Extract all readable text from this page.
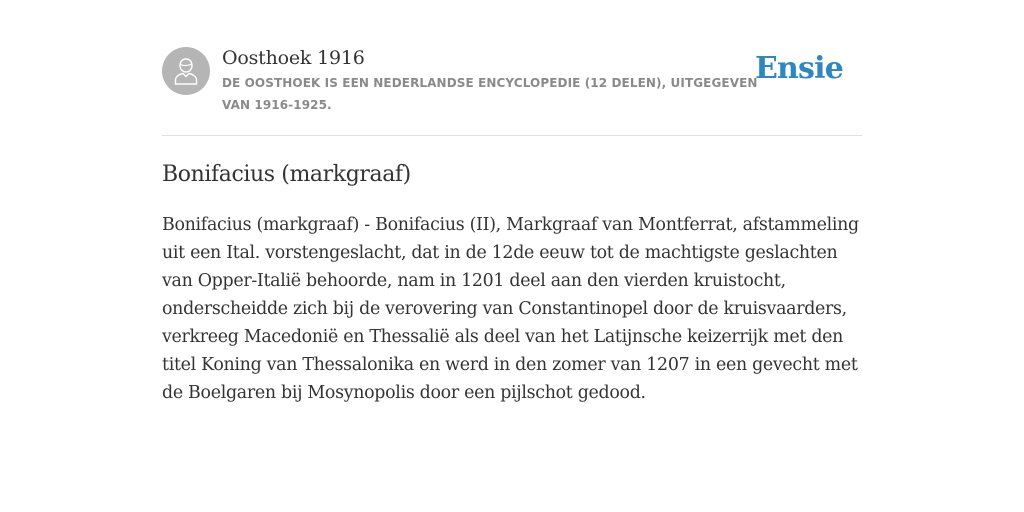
Oosthoek 1916
DE OOSTHOEK IS EEN NEDERLANDSE ENCYCLOPEDIE (12 DELEN), UITGEGEVEN VAN 1916-1925.
Ensie
Bonifacius (markgraaf)

Bonifacius (markgraaf) - Bonifacius (II), Markgraaf van Montferrat, afstammeling uit een Ital. vorstengeslacht, dat in de 12de eeuw tot de machtigste geslachten van Opper-Italië behoorde, nam in 1201 deel aan den vierden kruistocht, onderscheidde zich bij de verovering van Constantinopel door de kruisvaarders, verkreeg Macedonië en Thessalië als deel van het Latijnsche keizerrijk met den titel Koning van Thessalonika en werd in den zomer van 1207 in een gevecht met de Boelgaren bij Mosynopolis door een pijlschot gedood.
